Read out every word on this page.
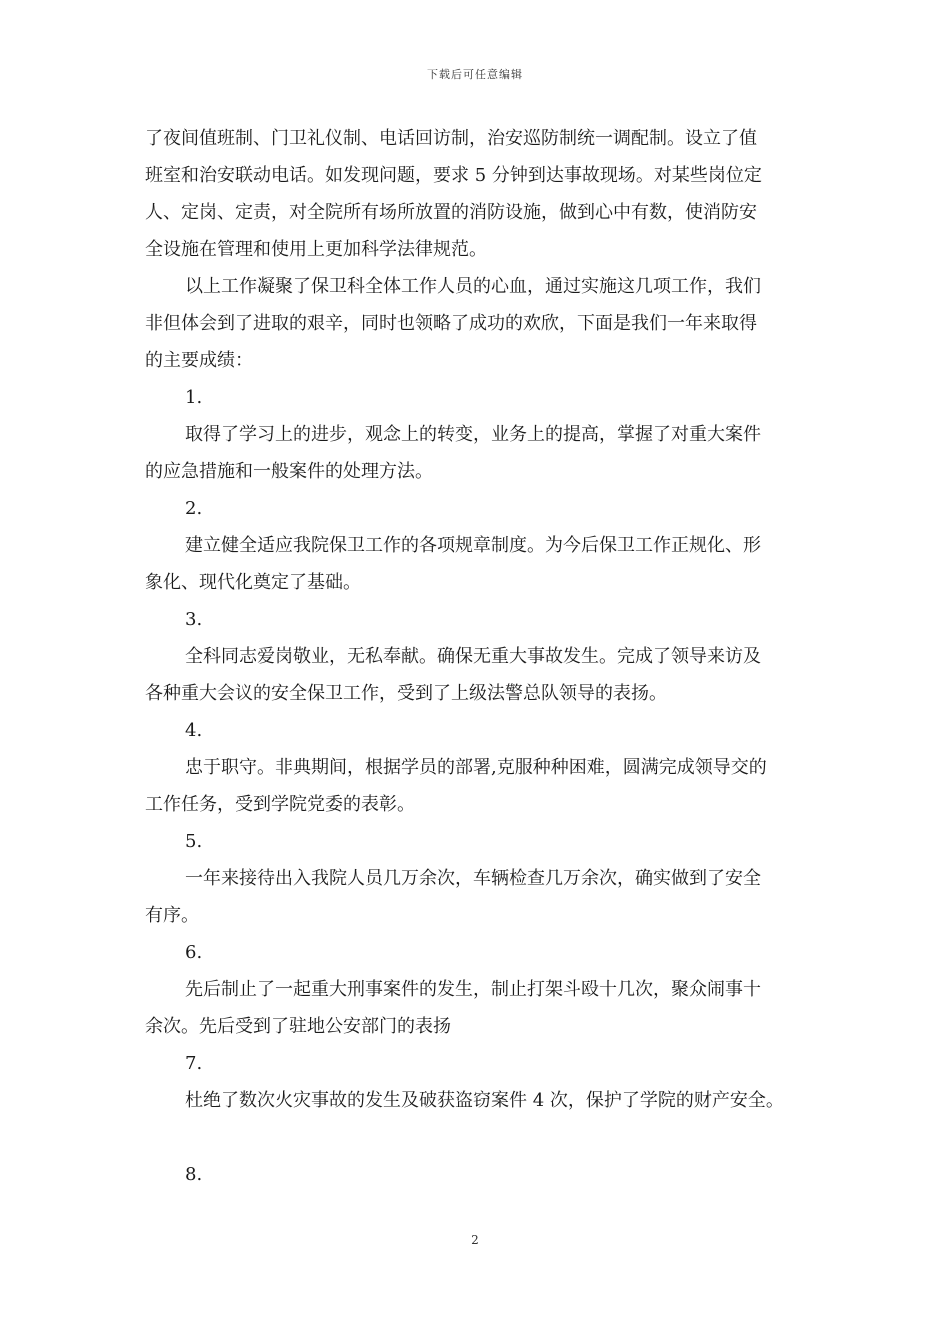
下载后可任意编辑

了夜间值班制、门卫礼仪制、电话回访制，治安巡防制统一调配制。设立了值
班室和治安联动电话。如发现问题，要求 5 分钟到达事故现场。对某些岗位定
人、定岗、定责，对全院所有场所放置的消防设施，做到心中有数，使消防安
全设施在管理和使用上更加科学法律规范。

以上工作凝聚了保卫科全体工作人员的心血，通过实施这几项工作，我们
非但体会到了进取的艰辛，同时也领略了成功的欢欣，下面是我们一年来取得
的主要成绩：

1.

取得了学习上的进步，观念上的转变，业务上的提高，掌握了对重大案件
的应急措施和一般案件的处理方法。

2.

建立健全适应我院保卫工作的各项规章制度。为今后保卫工作正规化、形
象化、现代化奠定了基础。

3.

全科同志爱岗敬业，无私奉献。确保无重大事故发生。完成了领导来访及
各种重大会议的安全保卫工作，受到了上级法警总队领导的表扬。

4.

忠于职守。非典期间，根据学员的部署,克服种种困难，圆满完成领导交的
工作任务，受到学院党委的表彰。

5.

一年来接待出入我院人员几万余次，车辆检查几万余次，确实做到了安全
有序。

6.

先后制止了一起重大刑事案件的发生，制止打架斗殴十几次，聚众闹事十
余次。先后受到了驻地公安部门的表扬

7.

杜绝了数次火灾事故的发生及破获盗窃案件 4 次，保护了学院的财产安全。

8.

2
